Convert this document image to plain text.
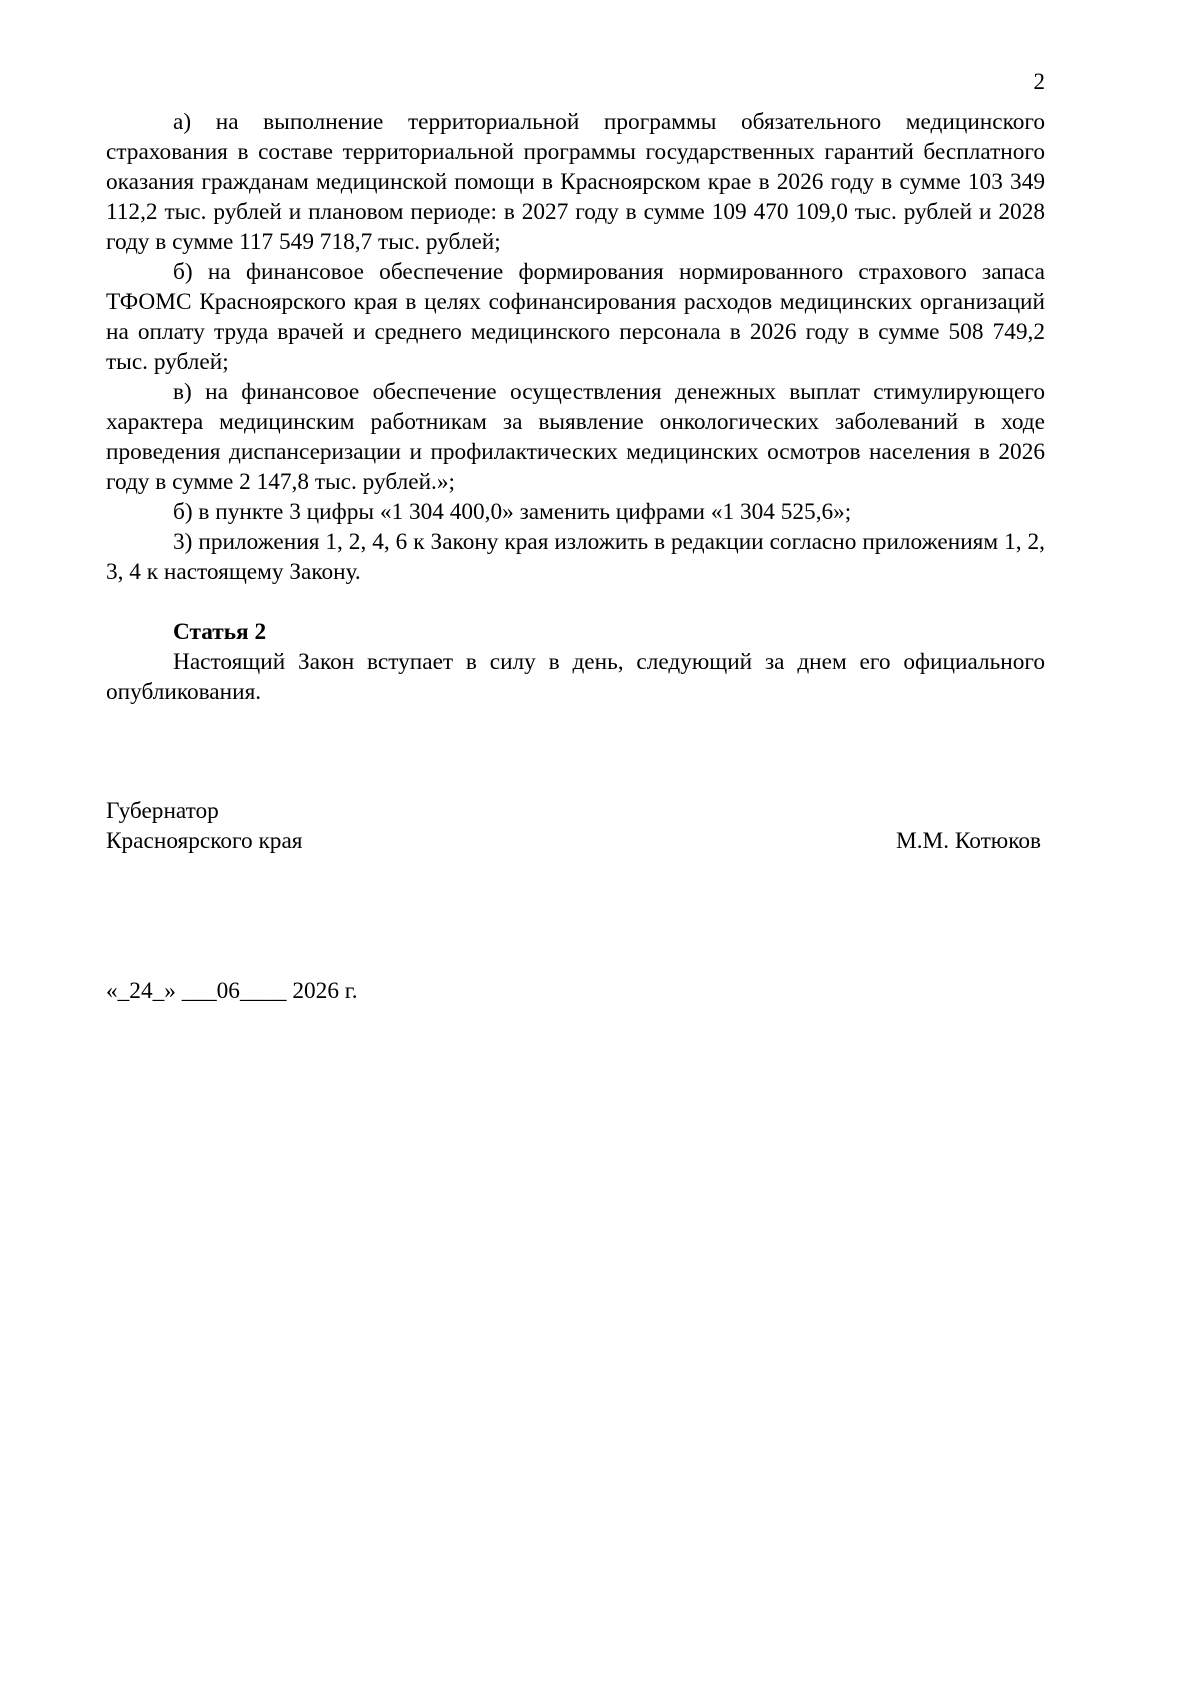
2

а) на выполнение территориальной программы обязательного медицинского страхования в составе территориальной программы государственных гарантий бесплатного оказания гражданам медицинской помощи в Красноярском крае в 2026 году в сумме 103 349 112,2 тыс. рублей и плановом периоде: в 2027 году в сумме 109 470 109,0 тыс. рублей и 2028 году в сумме 117 549 718,7 тыс. рублей;

б) на финансовое обеспечение формирования нормированного страхового запаса ТФОМС Красноярского края в целях софинансирования расходов медицинских организаций на оплату труда врачей и среднего медицинского персонала в 2026 году в сумме 508 749,2 тыс. рублей;

в) на финансовое обеспечение осуществления денежных выплат стимулирующего характера медицинским работникам за выявление онкологических заболеваний в ходе проведения диспансеризации и профилактических медицинских осмотров населения в 2026 году в сумме 2 147,8 тыс. рублей.»;

б) в пункте 3 цифры «1 304 400,0» заменить цифрами «1 304 525,6»;

3) приложения 1, 2, 4, 6 к Закону края изложить в редакции согласно приложениям 1, 2, 3, 4 к настоящему Закону.

Статья 2

Настоящий Закон вступает в силу в день, следующий за днем его официального опубликования.

Губернатор
Красноярского края	М.М. Котюков
«_24_» ___06____ 2026 г.
